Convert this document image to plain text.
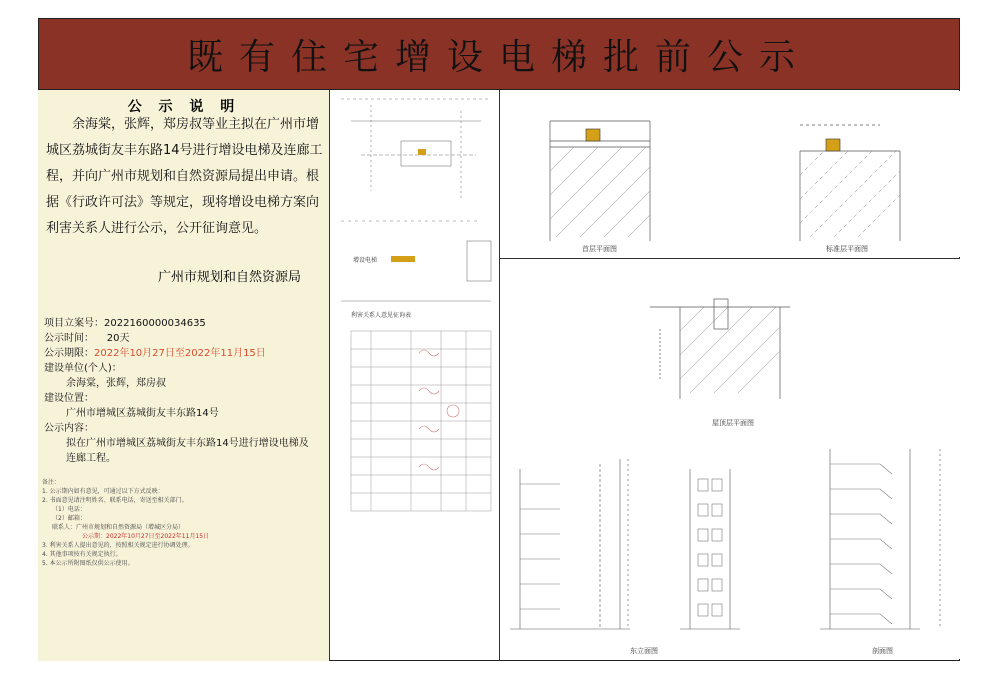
既有住宅增设电梯批前公示
公 示 说 明
余海棠，张辉，郑房叔等业主拟在广州市增城区荔城街友丰东路14号进行增设电梯及连廊工程，并向广州市规划和自然资源局提出申请。根据《行政许可法》等规定，现将增设电梯方案向利害关系人进行公示，公开征询意见。
广州市规划和自然资源局
项目立案号：2022160000034635
公示时间： 20天
公示期限：2022年10月27日至2022年11月15日
建设单位(个人)：
余海棠，张辉，郑房叔
建设位置：
广州市增城区荔城街友丰东路14号
公示内容：
拟在广州市增城区荔城街友丰东路14号进行增设电梯及连廊工程。
备注：
1. 公示期内如有意见，可通过以下方式反映：
2. 书面意见请注明姓名、联系电话，寄送至相关部门。
（1）电话：
（2）邮箱：
联系人：广州市规划和自然资源局（增城区分局）
公示期：2022年10月27日至2022年11月15日
3. 利害关系人提出意见的，按照相关规定进行协调处理。
4. 其他事项按有关规定执行。
5. 本公示所附图纸仅供公示使用。
增设电梯
利害关系人意见征询表
首层平面图	标准层平面图
屋顶层平面图
东立面图	剖面图
